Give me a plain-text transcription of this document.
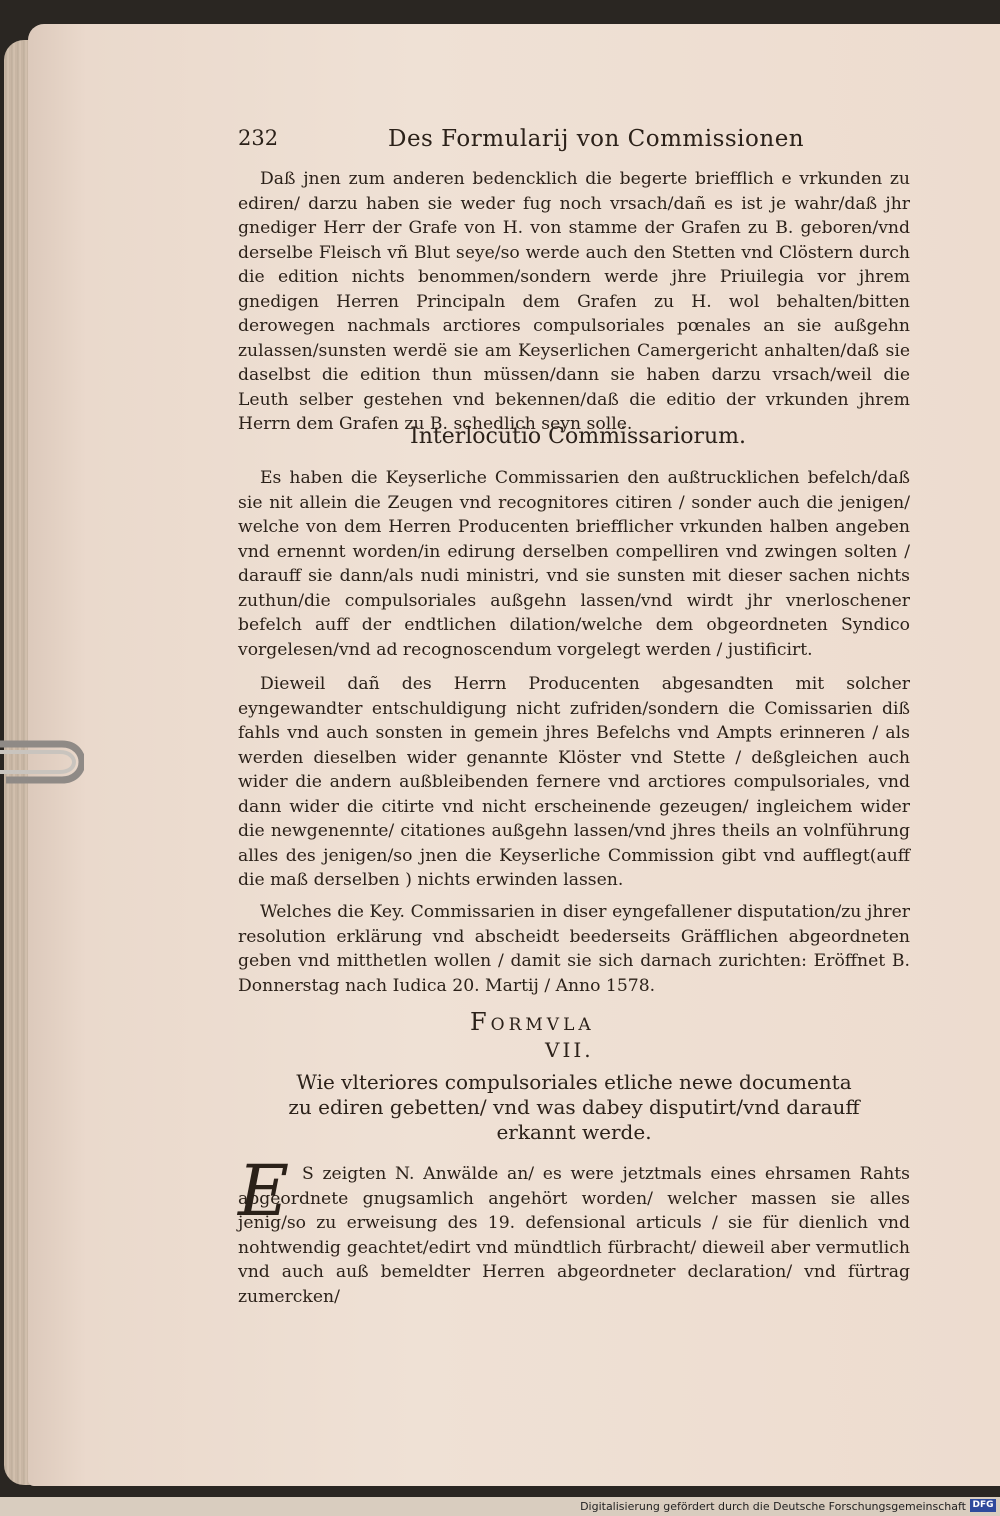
232	Des Formularij von Commissionen

Daß jnen zum anderen bedencklich die begerte briefflich e vrkunden zu ediren/ darzu haben sie weder fug noch vrsach/dañ es ist je wahr/daß jhr gnediger Herr der Grafe von H. von stamme der Grafen zu B. geboren/vnd derselbe Fleisch vñ Blut seye/so werde auch den Stetten vnd Clöstern durch die edition nichts benommen/sondern werde jhre Priuilegia vor jhrem gnedigen Herren Principaln dem Grafen zu H. wol behalten/bitten derowegen nachmals arctiores compulsoriales pœnales an sie außgehn zulassen/sunsten werdë sie am Keyserlichen Camergericht anhalten/daß sie daselbst die edition thun müssen/dann sie haben darzu vrsach/weil die Leuth selber gestehen vnd bekennen/daß die editio der vrkunden jhrem Herrn dem Grafen zu B. schedlich seyn solle.

Es haben die Keyserliche Commissarien den außtrucklichen befelch/daß sie nit allein die Zeugen vnd recognitores citiren / sonder auch die jenigen/ welche von dem Herren Producenten briefflicher vrkunden halben angeben vnd ernennt worden/in edirung derselben compelliren vnd zwingen solten / darauff sie dann/als nudi ministri, vnd sie sunsten mit dieser sachen nichts zuthun/die compulsoriales außgehn lassen/vnd wirdt jhr vnerloschener befelch auff der endtlichen dilation/welche dem obgeordneten Syndico vorgelesen/vnd ad recognoscendum vorgelegt werden / justificirt.

Dieweil dañ des Herrn Producenten abgesandten mit solcher eyngewandter entschuldigung nicht zufriden/sondern die Comissarien diß fahls vnd auch sonsten in gemein jhres Befelchs vnd Ampts erinneren / als werden dieselben wider genannte Klöster vnd Stette / deßgleichen auch wider die andern außbleibenden fernere vnd arctiores compulsoriales, vnd dann wider die citirte vnd nicht erscheinende gezeugen/ ingleichem wider die newgenennte/ citationes außgehn lassen/vnd jhres theils an volnführung alles des jenigen/so jnen die Keyserliche Commission gibt vnd aufflegt(auff die maß derselben ) nichts erwinden lassen.

Welches die Key. Commissarien in diser eyngefallener disputation/zu jhrer resolution erklärung vnd abscheidt beederseits Gräfflichen abgeordneten geben vnd mitthetlen wollen / damit sie sich darnach zurichten: Eröffnet B. Donnerstag nach Iudica 20. Martij / Anno 1578.

Interlocutio Commissariorum.
Formvla
VII.
Wie vlteriores compulsoriales etliche newe documenta zu ediren gebetten/ vnd was dabey disputirt/vnd darauff erkannt werde.
E S zeigten N. Anwälde an/ es were jetztmals eines ehrsamen Rahts abgeordnete gnugsamlich angehört worden/ welcher massen sie alles jenig/so zu erweisung des 19. defensional articuls / sie für dienlich vnd nohtwendig geachtet/edirt vnd mündtlich fürbracht/ dieweil aber vermutlich vnd auch auß bemeldter Herren abgeordneter declaration/ vnd fürtrag zumercken/

Digitalisierung gefördert durch die Deutsche Forschungsgemeinschaft DFG
